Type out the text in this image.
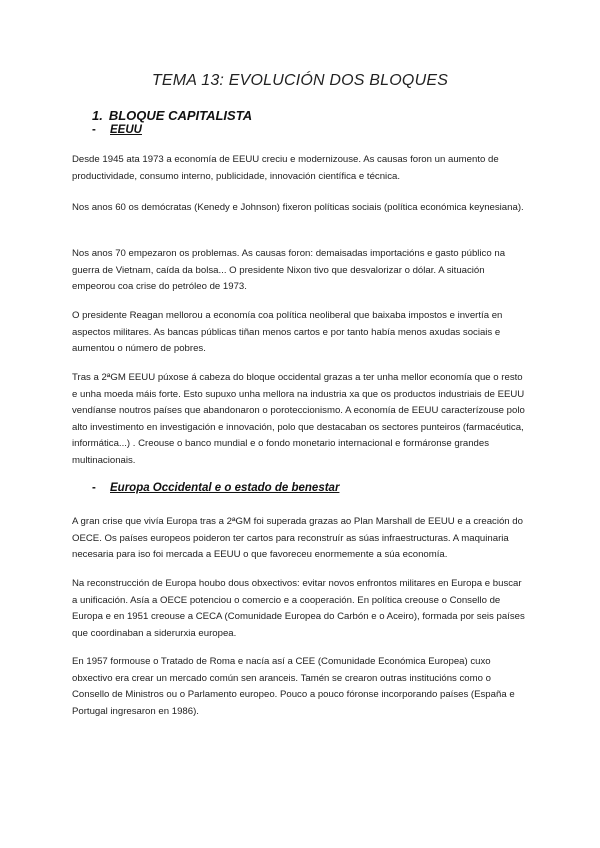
TEMA 13: EVOLUCIÓN DOS BLOQUES
1. BLOQUE CAPITALISTA
- EEUU

Desde 1945 ata 1973 a economía de EEUU creciu e modernizouse. As causas foron un aumento de productividade, consumo interno, publicidade, innovación científica e técnica.

Nos anos 60 os demócratas (Kenedy e Johnson) fixeron políticas sociais (política económica keynesiana).

Nos anos 70 empezaron os problemas. As causas foron: demaisadas importacións e gasto público na guerra de Vietnam, caída da bolsa... O presidente Nixon tivo que desvalorizar o dólar. A situación empeorou coa crise do petróleo de 1973.

O presidente Reagan mellorou a economía coa política neoliberal que baixaba impostos e invertía en aspectos militares. As bancas públicas tiñan menos cartos e por tanto había menos axudas sociais e aumentou o número de pobres.

Tras a 2ªGM EEUU púxose á cabeza do bloque occidental grazas a ter unha mellor economía que o resto e unha moeda máis forte. Esto supuxo unha mellora na industria xa que os productos industriais de EEUU vendíanse noutros países que abandonaron o poroteccionismo. A economía de EEUU caracterízouse polo alto investimento en investigación e innovación, polo que destacaban os sectores punteiros (farmacéutica, informática...) . Creouse o banco mundial e o fondo monetario internacional e formáronse grandes multinacionais.

- Europa Occidental e o estado de benestar

A gran crise que vivía Europa tras a 2ªGM foi superada grazas ao Plan Marshall de EEUU e a creación do OECE. Os países europeos poideron ter cartos para reconstruír as súas infraestructuras. A maquinaria necesaria para iso foi mercada a EEUU o que favoreceu enormemente a súa economía.

Na reconstrucción de Europa houbo dous obxectivos: evitar novos enfrontos militares en Europa e buscar a unificación. Asía a OECE potenciou o comercio e a cooperación. En política creouse o Consello de Europa e en 1951 creouse a CECA (Comunidade Europea do Carbón e o Aceiro), formada por seis países que coordinaban a siderurxia europea.

En 1957 formouse o Tratado de Roma e nacía así a CEE (Comunidade Económica Europea) cuxo obxectivo era crear un mercado común sen aranceis. Tamén se crearon outras institucións como o Consello de Ministros ou o Parlamento europeo. Pouco a pouco fóronse incorporando países (España e Portugal ingresaron en 1986).
